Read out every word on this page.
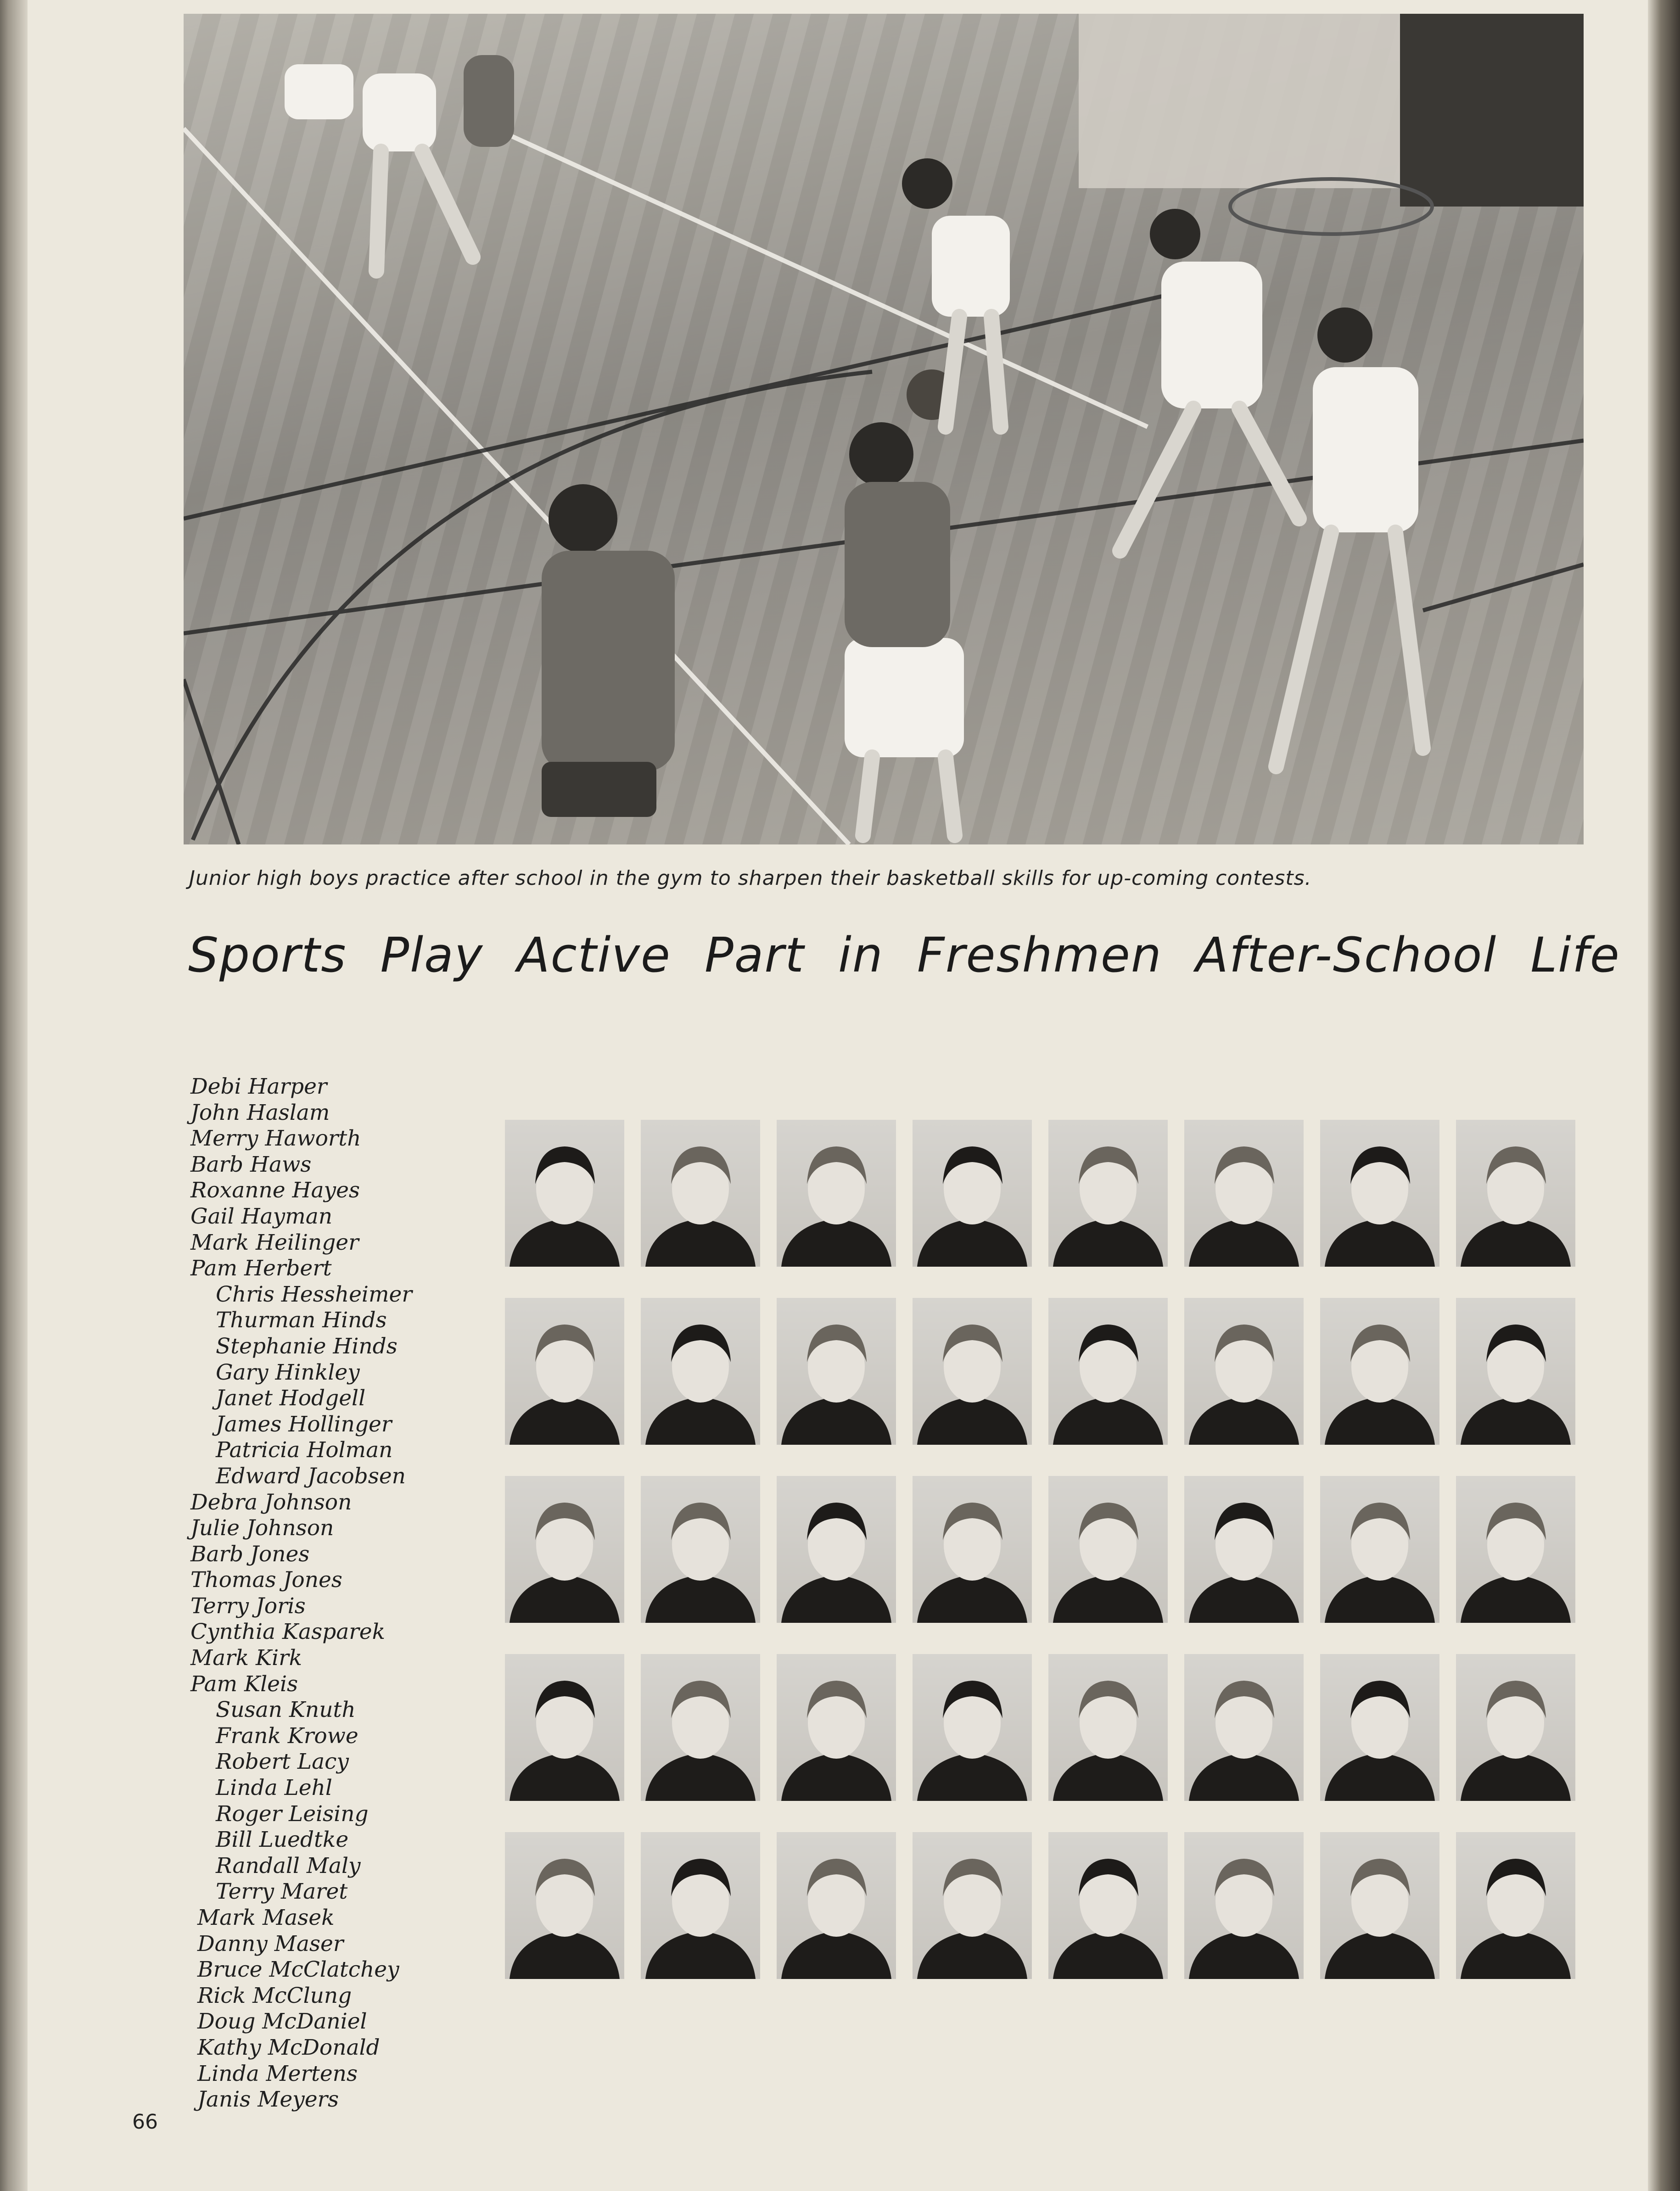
Junior high boys practice after school in the gym to sharpen their basketball skills for up-coming contests.
Sports Play Active Part in Freshmen After-School Life
Debi Harper
John Haslam
Merry Haworth
Barb Haws
Roxanne Hayes
Gail Hayman
Mark Heilinger
Pam Herbert
Chris Hessheimer
Thurman Hinds
Stephanie Hinds
Gary Hinkley
Janet Hodgell
James Hollinger
Patricia Holman
Edward Jacobsen
Debra Johnson
Julie Johnson
Barb Jones
Thomas Jones
Terry Joris
Cynthia Kasparek
Mark Kirk
Pam Kleis
Susan Knuth
Frank Krowe
Robert Lacy
Linda Lehl
Roger Leising
Bill Luedtke
Randall Maly
Terry Maret
Mark Masek
Danny Maser
Bruce McClatchey
Rick McClung
Doug McDaniel
Kathy McDonald
Linda Mertens
Janis Meyers
66
